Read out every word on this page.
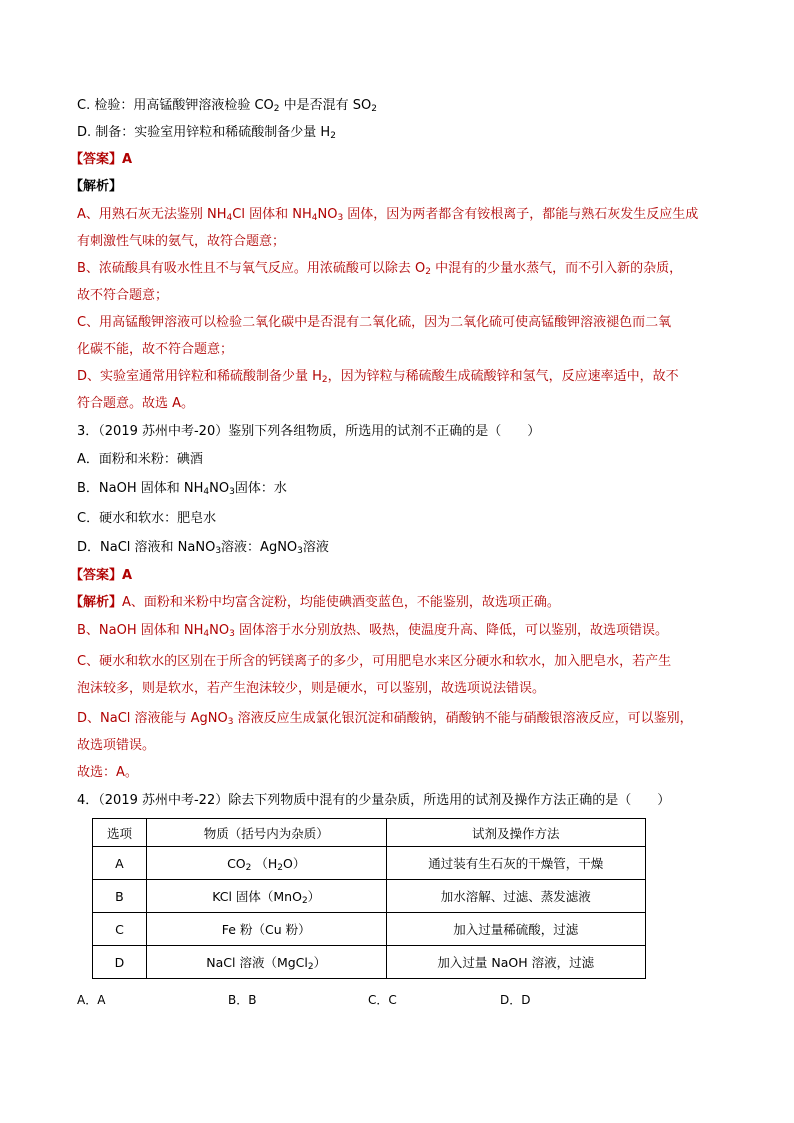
C. 检验：用高锰酸钾溶液检验 $CO_2$ 中是否混有 $SO_2$

D. 制备：实验室用锌粒和稀硫酸制备少量 $H_2$

【答案】A

【解析】

A、用熟石灰无法鉴别 $NH_4Cl$ 固体和 $NH_4NO_3$ 固体，因为两者都含有铵根离子，都能与熟石灰发生反应生成

有刺激性气味的氨气，故符合题意；

B、浓硫酸具有吸水性且不与氧气反应。用浓硫酸可以除去 $O_2$ 中混有的少量水蒸气，而不引入新的杂质，

故不符合题意；

C、用高锰酸钾溶液可以检验二氧化碳中是否混有二氧化硫，因为二氧化硫可使高锰酸钾溶液褪色而二氧

化碳不能，故不符合题意；

D、实验室通常用锌粒和稀硫酸制备少量 $H_2$，因为锌粒与稀硫酸生成硫酸锌和氢气，反应速率适中，故不

符合题意。故选 A。

3．（2019 苏州中考-20）鉴别下列各组物质，所选用的试剂不正确的是（　　）

A．面粉和米粉：碘酒

B．NaOH 固体和 $NH_4NO_3$固体：水

C．硬水和软水：肥皂水

D．NaCl 溶液和 NaNO$_3$溶液：AgNO$_3$溶液

【答案】A

【解析】A、面粉和米粉中均富含淀粉，均能使碘酒变蓝色，不能鉴别，故选项正确。

B、NaOH 固体和 $NH_4NO_3$ 固体溶于水分别放热、吸热，使温度升高、降低，可以鉴别，故选项错误。

C、硬水和软水的区别在于所含的钙镁离子的多少，可用肥皂水来区分硬水和软水，加入肥皂水，若产生

泡沫较多，则是软水，若产生泡沫较少，则是硬水，可以鉴别，故选项说法错误。

D、NaCl 溶液能与 AgNO$_3$ 溶液反应生成氯化银沉淀和硝酸钠，硝酸钠不能与硝酸银溶液反应，可以鉴别，

故选项错误。

故选：A。

4．（2019 苏州中考-22）除去下列物质中混有的少量杂质，所选用的试剂及操作方法正确的是（　　）

选项	物质（括号内为杂质）	试剂及操作方法
A	$CO_2$ $(H_2O)$	通过装有生石灰的干燥管，干燥
B	KCl 固体（MnO$_2$）	加水溶解、过滤、蒸发滤液
C	Fe 粉（Cu 粉）	加入过量稀硫酸，过滤
D	NaCl 溶液（MgCl$_2$）	加入过量 NaOH 溶液，过滤
A．A	B．B	C．C	D．D
